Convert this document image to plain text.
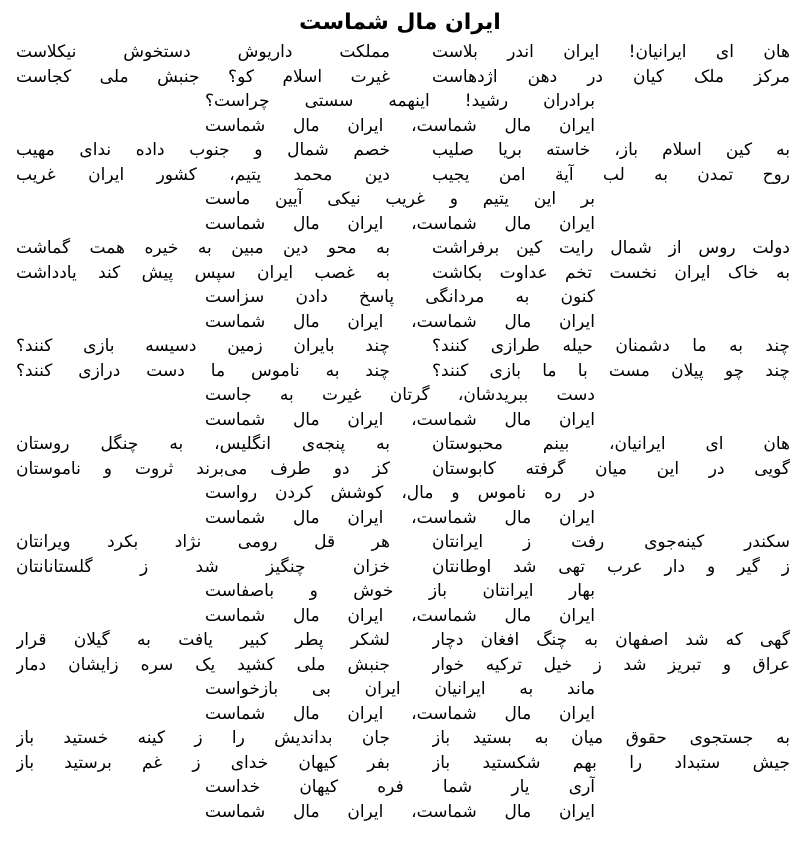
ایران مال شماست
هان ای ایرانیان! ایران اندر بلاست
مملکت داریوش دستخوش نیکلاست
مرکز ملک کیان در دهن اژدهاست
غیرت اسلام کو؟ جنبش ملی کجاست
برادران رشید! اینهمه سستی چراست؟
ایران مال شماست، ایران مال شماست
به کین اسلام باز، خاسته بریا صلیب
خصم شمال و جنوب داده ندای مهیب
روح تمدن به لب آیة امن یجیب
دین محمد یتیم، کشور ایران غریب
بر این یتیم و غریب نیکی آیین ماست
ایران مال شماست، ایران مال شماست
دولت روس از شمال رایت کین برفراشت
به محو دین مبین به خیره همت گماشت
به خاک ایران نخست تخم عداوت بکاشت
به غصب ایران سپس پیش کند یادداشت
کنون به مردانگی پاسخ دادن سزاست
ایران مال شماست، ایران مال شماست
چند به ما دشمنان حیله طرازی کنند؟
چند بایران زمین دسیسه بازی کنند؟
چند چو پیلان مست با ما بازی کنند؟
چند به ناموس ما دست درازی کنند؟
دست ببریدشان، گرتان غیرت به جاست
ایران مال شماست، ایران مال شماست
هان ای ایرانیان، بینم محبوستان
به پنجه‌ی انگلیس، به چنگل روستان
گویی در این میان گرفته کابوستان
کز دو طرف می‌برند ثروت و ناموستان
در ره ناموس و مال، کوشش کردن رواست
ایران مال شماست، ایران مال شماست
سکندر کینه‌جوی رفت ز ایرانتان
هر قل رومی نژاد بکرد ویرانتان
ز گیر و دار عرب تهی شد اوطانتان
خزان چنگیز شد ز گلستانانتان
بهار ایرانتان باز خوش و باصفاست
ایران مال شماست، ایران مال شماست
گهی که شد اصفهان به چنگ افغان دچار
لشکر پطر کبیر یافت به گیلان قرار
عراق و تبریز شد ز خیل ترکیه خوار
جنبش ملی کشید یک سره زایشان دمار
ماند به ایرانیان ایران بی بازخواست
ایران مال شماست، ایران مال شماست
به جستجوی حقوق میان به بستید باز
جان بداندیش را ز کینه خستید باز
جیش ستبداد را بهم شکستید باز
بفر کیهان خدای ز غم برستید باز
آری یار شما فره کیهان خداست
ایران مال شماست، ایران مال شماست
